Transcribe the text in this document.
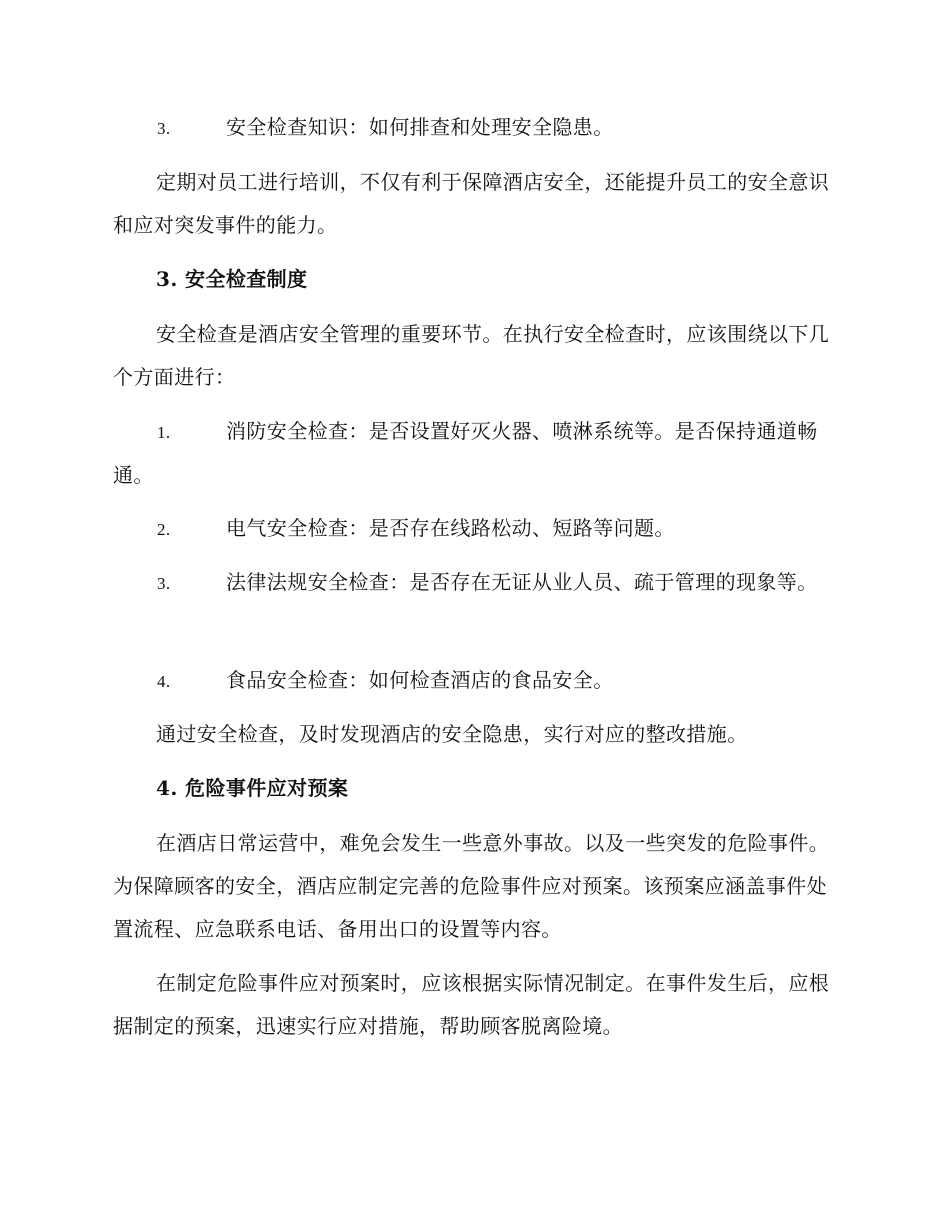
3.	安全检查知识：如何排查和处理安全隐患。

定期对员工进行培训，不仅有利于保障酒店安全，还能提升员工的安全意识和应对突发事件的能力。

3. 安全检查制度

安全检查是酒店安全管理的重要环节。在执行安全检查时，应该围绕以下几个方面进行：

1.	消防安全检查：是否设置好灭火器、喷淋系统等。是否保持通道畅通。

2.	电气安全检查：是否存在线路松动、短路等问题。

3.	法律法规安全检查：是否存在无证从业人员、疏于管理的现象等。

4.	食品安全检查：如何检查酒店的食品安全。

通过安全检查，及时发现酒店的安全隐患，实行对应的整改措施。

4. 危险事件应对预案

在酒店日常运营中，难免会发生一些意外事故。以及一些突发的危险事件。为保障顾客的安全，酒店应制定完善的危险事件应对预案。该预案应涵盖事件处置流程、应急联系电话、备用出口的设置等内容。

在制定危险事件应对预案时，应该根据实际情况制定。在事件发生后，应根据制定的预案，迅速实行应对措施，帮助顾客脱离险境。
